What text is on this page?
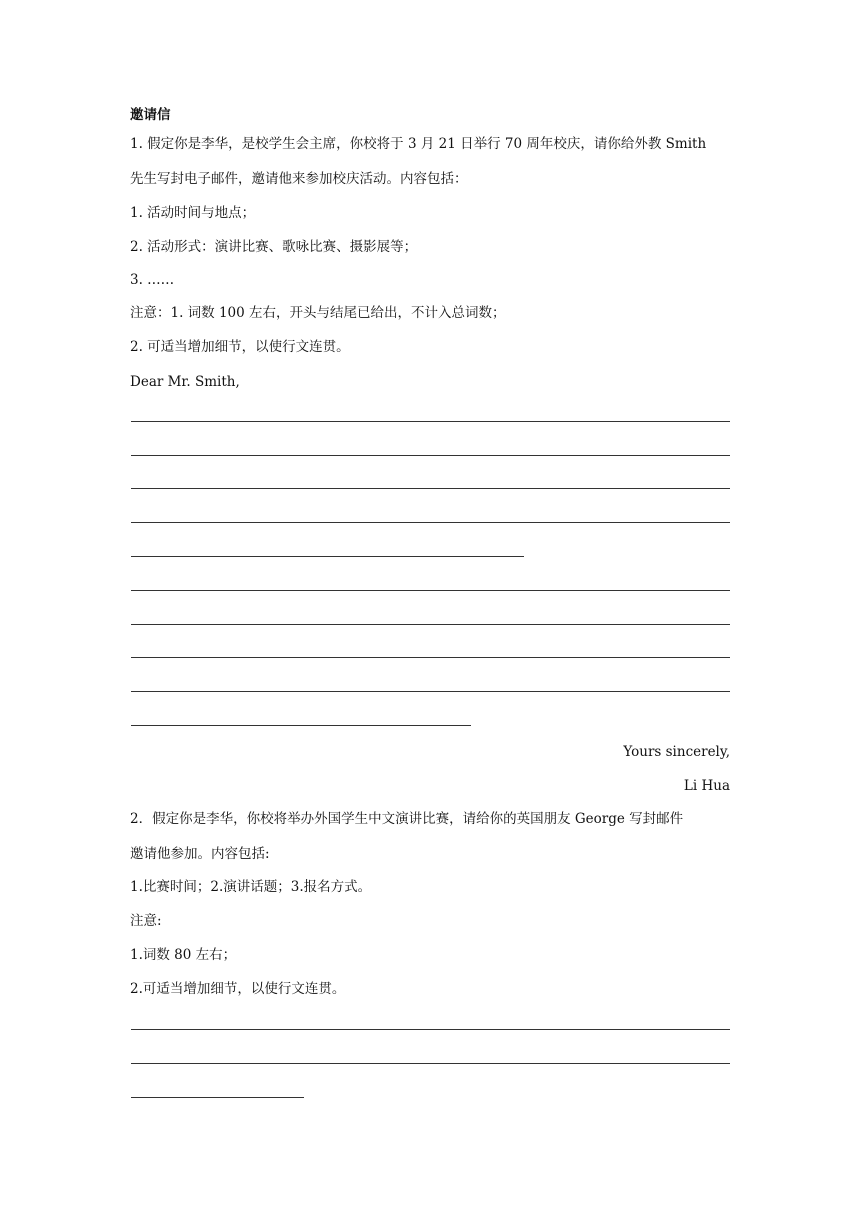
邀请信
1. 假定你是李华，是校学生会主席，你校将于 3 月 21 日举行 70 周年校庆，请你给外教 Smith
先生写封电子邮件，邀请他来参加校庆活动。内容包括：
1. 活动时间与地点；
2. 活动形式：演讲比赛、歌咏比赛、摄影展等；
3. ……
注意：1. 词数 100 左右，开头与结尾已给出，不计入总词数；
2. 可适当增加细节，以使行文连贯。
Dear Mr. Smith,
Yours sincerely,
Li Hua
2．假定你是李华，你校将举办外国学生中文演讲比赛，请给你的英国朋友 George 写封邮件
邀请他参加。内容包括:
1.比赛时间；2.演讲话题；3.报名方式。
注意:
1.词数 80 左右；
2.可适当增加细节，以使行文连贯。
